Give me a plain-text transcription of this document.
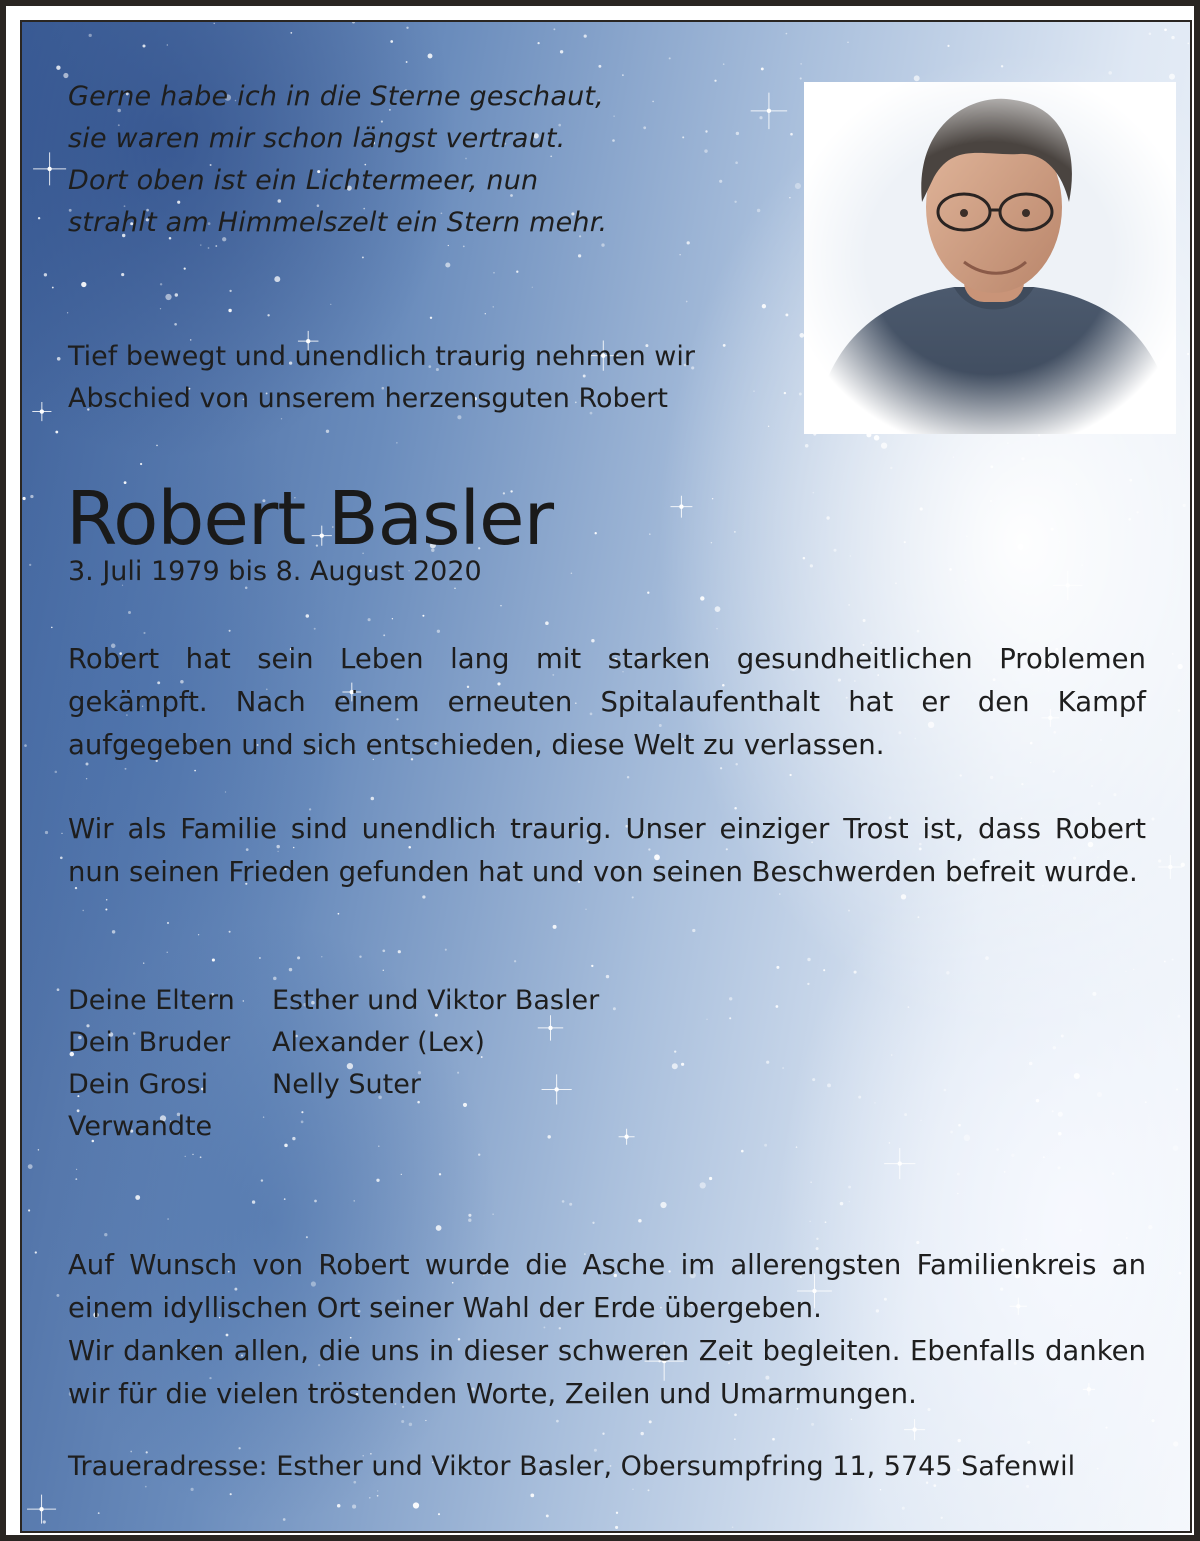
Gerne habe ich in die Sterne geschaut,
sie waren mir schon längst vertraut.
Dort oben ist ein Lichtermeer, nun
strahlt am Himmelszelt ein Stern mehr.
Tief bewegt und unendlich traurig nehmen wir
Abschied von unserem herzensguten Robert
Robert Basler
3. Juli 1979 bis 8. August 2020

Robert hat sein Leben lang mit starken gesundheitlichen Problemen gekämpft. Nach einem erneuten Spitalaufenthalt hat er den Kampf aufgegeben und sich entschieden, diese Welt zu verlassen.

Wir als Familie sind unendlich traurig. Unser einziger Trost ist, dass Robert nun seinen Frieden gefunden hat und von seinen Beschwerden befreit wurde.

Deine Eltern	Esther und Viktor Basler
Dein Bruder	Alexander (Lex)
Dein Grosi	Nelly Suter
Verwandte

Auf Wunsch von Robert wurde die Asche im allerengsten Familienkreis an einem idyllischen Ort seiner Wahl der Erde übergeben.

Wir danken allen, die uns in dieser schweren Zeit begleiten. Ebenfalls danken wir für die vielen tröstenden Worte, Zeilen und Umarmungen.

Traueradresse: Esther und Viktor Basler, Obersumpfring 11, 5745 Safenwil
